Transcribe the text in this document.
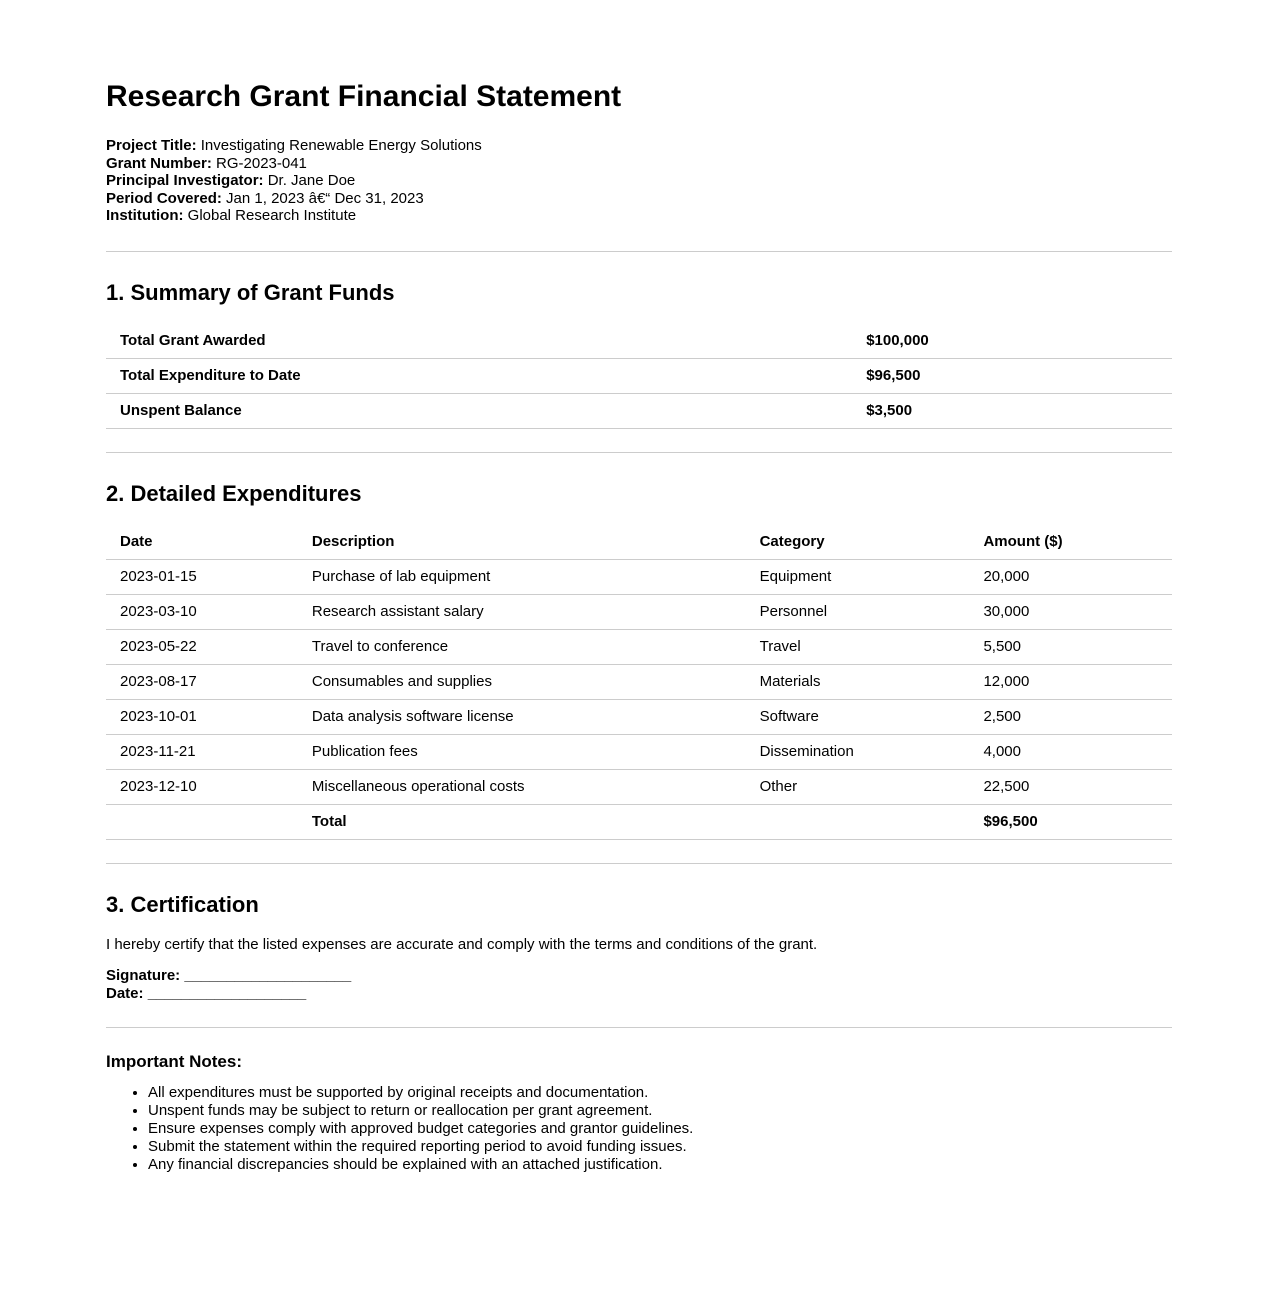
Research Grant Financial Statement
Project Title: Investigating Renewable Energy Solutions
Grant Number: RG-2023-041
Principal Investigator: Dr. Jane Doe
Period Covered: Jan 1, 2023 â€“ Dec 31, 2023
Institution: Global Research Institute
1. Summary of Grant Funds
Total Grant Awarded	$100,000
Total Expenditure to Date	$96,500
Unspent Balance	$3,500
2. Detailed Expenditures
Date	Description	Category	Amount ($)
2023-01-15	Purchase of lab equipment	Equipment	20,000
2023-03-10	Research assistant salary	Personnel	30,000
2023-05-22	Travel to conference	Travel	5,500
2023-08-17	Consumables and supplies	Materials	12,000
2023-10-01	Data analysis software license	Software	2,500
2023-11-21	Publication fees	Dissemination	4,000
2023-12-10	Miscellaneous operational costs	Other	22,500
	Total		$96,500
3. Certification

I hereby certify that the listed expenses are accurate and comply with the terms and conditions of the grant.

Signature: ____________________
Date: ___________________

Important Notes:

• All expenditures must be supported by original receipts and documentation.
• Unspent funds may be subject to return or reallocation per grant agreement.
• Ensure expenses comply with approved budget categories and grantor guidelines.
• Submit the statement within the required reporting period to avoid funding issues.
• Any financial discrepancies should be explained with an attached justification.
